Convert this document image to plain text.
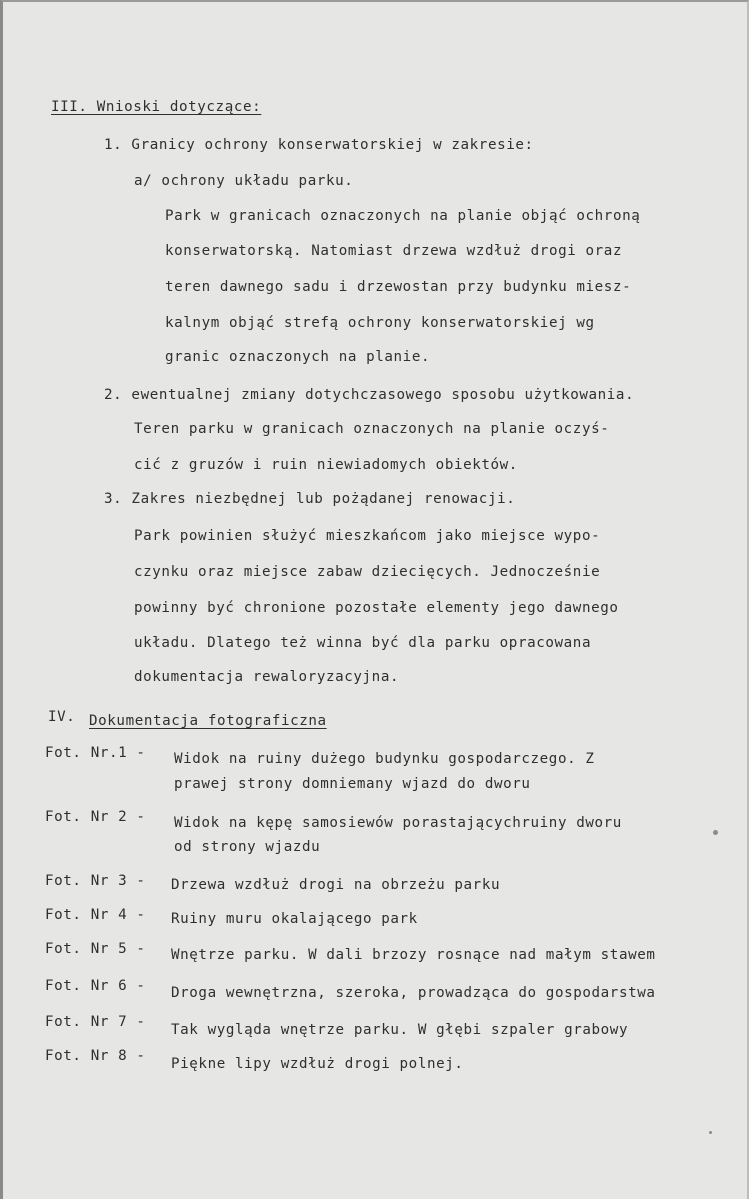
III. Wnioski dotyczące:
1. Granicy ochrony konserwatorskiej w zakresie:
a/ ochrony układu parku.
Park w granicach oznaczonych na planie objąć ochroną
konserwatorską. Natomiast drzewa wzdłuż drogi oraz
teren dawnego sadu i drzewostan przy budynku miesz-
kalnym objąć strefą ochrony konserwatorskiej wg
granic oznaczonych na planie.
2. ewentualnej zmiany dotychczasowego sposobu użytkowania.
Teren parku w granicach oznaczonych na planie oczyś-
cić z gruzów i ruin niewiadomych obiektów.
3. Zakres niezbędnej lub pożądanej renowacji.
Park powinien służyć mieszkańcom jako miejsce wypo-
czynku oraz miejsce zabaw dziecięcych. Jednocześnie
powinny być chronione pozostałe elementy jego dawnego
układu. Dlatego też winna być dla parku opracowana
dokumentacja rewaloryzacyjna.
IV. Dokumentacja fotograficzna
Fot. Nr.1 - Widok na ruiny dużego budynku gospodarczego. Z
prawej strony domniemany wjazd do dworu
Fot. Nr 2 - Widok na kępę samosiewów porastającychruiny dworu
od strony wjazdu
Fot. Nr 3 - Drzewa wzdłuż drogi na obrzeżu parku
Fot. Nr 4 - Ruiny muru okalającego park
Fot. Nr 5 - Wnętrze parku. W dali brzozy rosnące nad małym stawem
Fot. Nr 6 - Droga wewnętrzna, szeroka, prowadząca do gospodarstwa
Fot. Nr 7 - Tak wygląda wnętrze parku. W głębi szpaler grabowy
Fot. Nr 8 - Piękne lipy wzdłuż drogi polnej.
